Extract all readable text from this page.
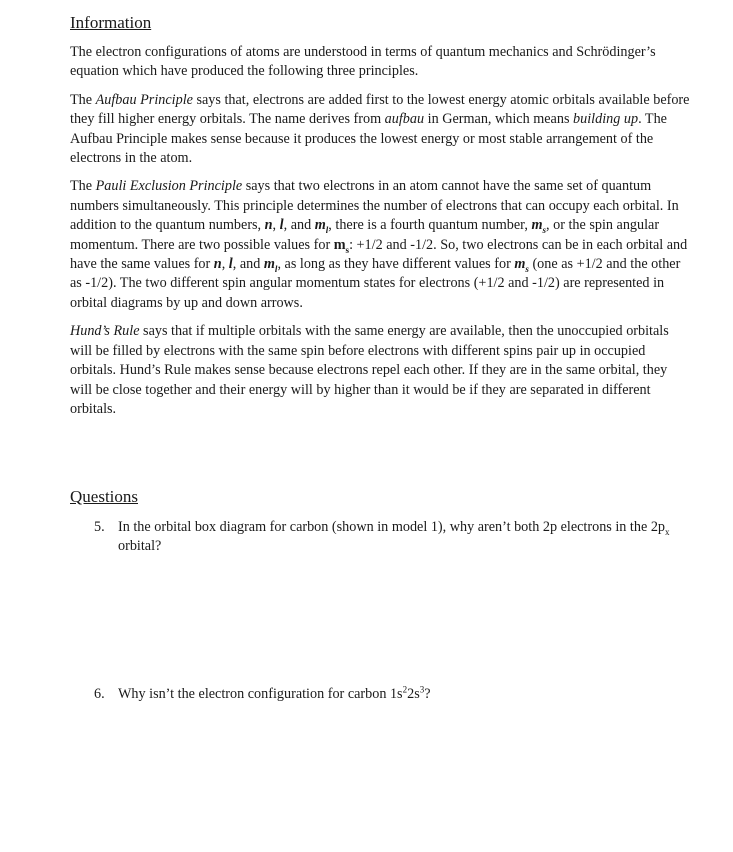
Information

The electron configurations of atoms are understood in terms of quantum mechanics and Schrödinger’s equation which have produced the following three principles.

The Aufbau Principle says that, electrons are added first to the lowest energy atomic orbitals available before they fill higher energy orbitals. The name derives from aufbau in German, which means building up. The Aufbau Principle makes sense because it produces the lowest energy or most stable arrangement of the electrons in the atom.

The Pauli Exclusion Principle says that two electrons in an atom cannot have the same set of quantum numbers simultaneously. This principle determines the number of electrons that can occupy each orbital. In addition to the quantum numbers, n, l, and $m_l$, there is a fourth quantum number, $m_s$, or the spin angular momentum. There are two possible values for $m_s$: +1/2 and -1/2. So, two electrons can be in each orbital and have the same values for n, l, and $m_l$, as long as they have different values for $m_s$ (one as +1/2 and the other as -1/2). The two different spin angular momentum states for electrons (+1/2 and -1/2) are represented in orbital diagrams by up and down arrows.

Hund’s Rule says that if multiple orbitals with the same energy are available, then the unoccupied orbitals will be filled by electrons with the same spin before electrons with different spins pair up in occupied orbitals. Hund’s Rule makes sense because electrons repel each other. If they are in the same orbital, they will be close together and their energy will by higher than it would be if they are separated in different orbitals.

Questions
5. In the orbital box diagram for carbon (shown in model 1), why aren’t both 2p electrons in the $2p_x$ orbital?
6. Why isn’t the electron configuration for carbon $1s^22s^3$?
